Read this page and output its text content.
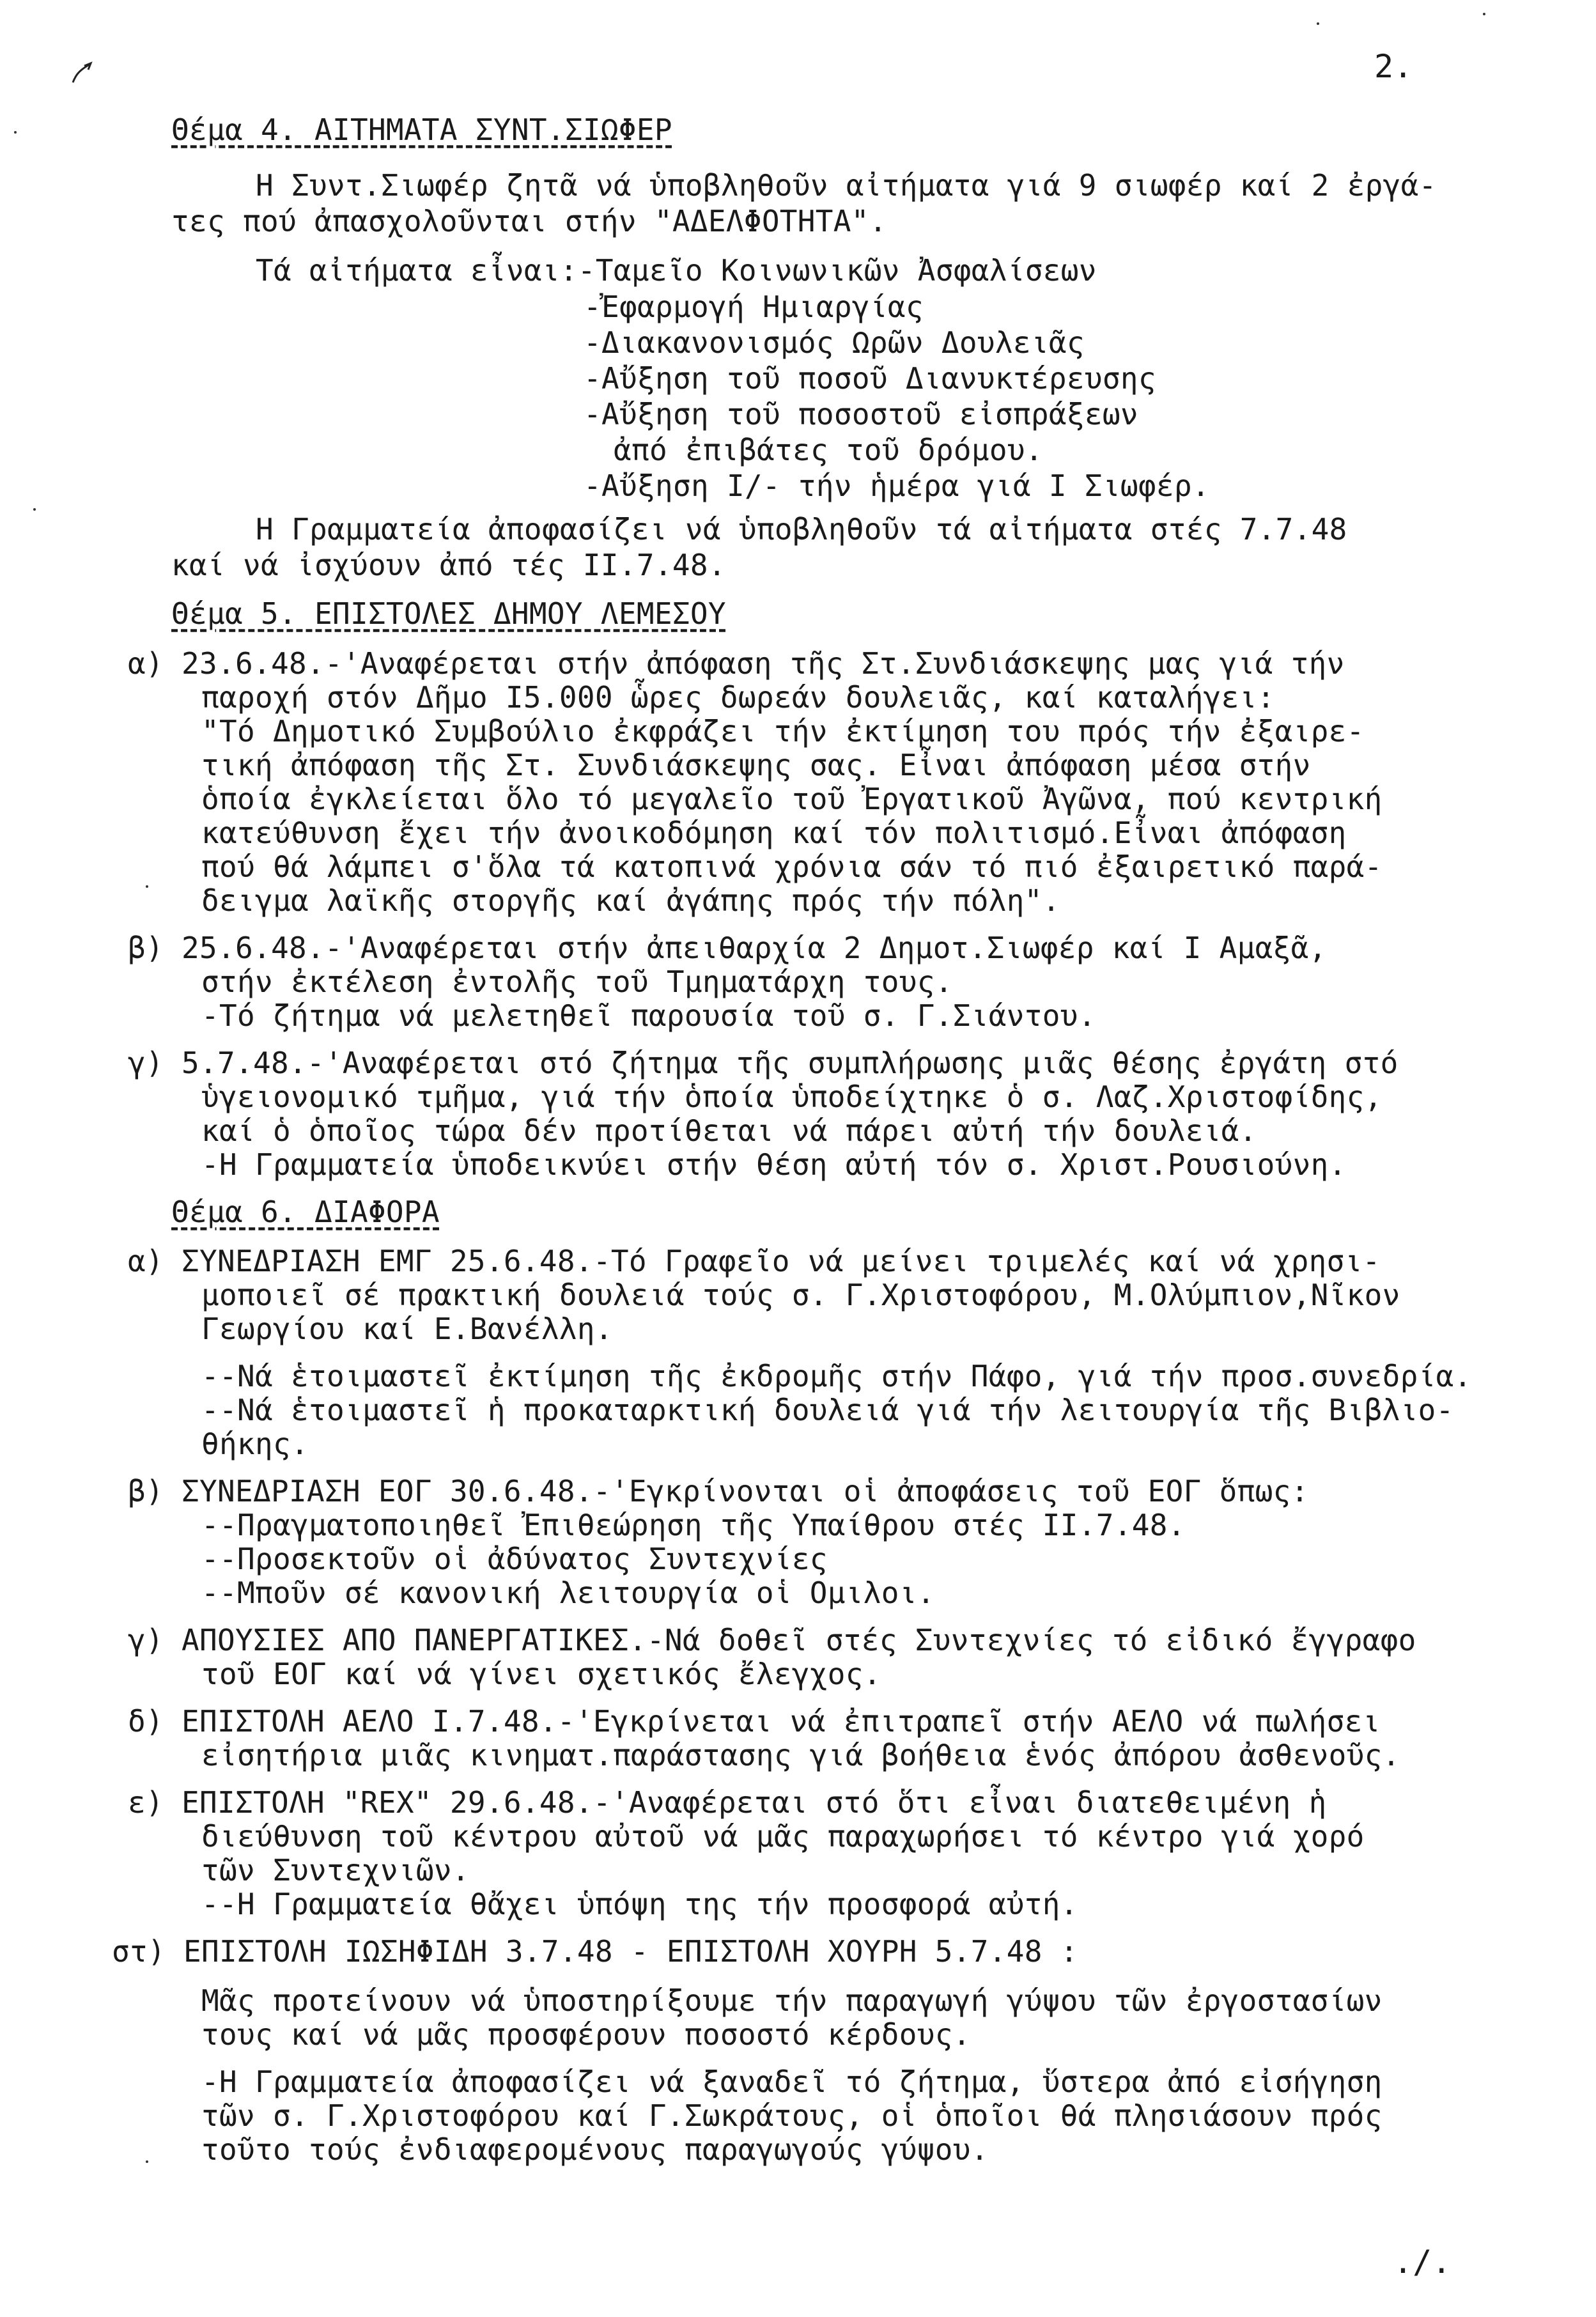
2.
Θέμα 4. ΑΙΤΗΜΑΤΑ ΣΥΝΤ.ΣΙΩΦΕΡ
Η Συντ.Σιωφέρ ζητᾶ νά ὑποβληθοῦν αἰτήματα γιά 9 σιωφέρ καί 2 ἐργά-
τες πού ἀπασχολοῦνται στήν "ΑΔΕΛΦΟΤΗΤΑ".
Τά αἰτήματα εἶναι:-Ταμεῖο Κοινωνικῶν Ἀσφαλίσεων
-Ἐφαρμογή Ημιαργίας
-Διακανονισμός Ωρῶν Δουλειᾶς
-Αὔξηση τοῦ ποσοῦ Διανυκτέρευσης
-Αὔξηση τοῦ ποσοστοῦ εἰσπράξεων
ἀπό ἐπιβάτες τοῦ δρόμου.
-Αὔξηση Ι/- τήν ἡμέρα γιά Ι Σιωφέρ.
Η Γραμματεία ἀποφασίζει νά ὑποβληθοῦν τά αἰτήματα στές 7.7.48
καί νά ἰσχύουν ἀπό τές ΙΙ.7.48.
Θέμα 5. ΕΠΙΣΤΟΛΕΣ ΔΗΜΟΥ ΛΕΜΕΣΟΥ
α) 23.6.48.-'Αναφέρεται στήν ἀπόφαση τῆς Στ.Συνδιάσκεψης μας γιά τήν
παροχή στόν Δῆμο Ι5.000 ὧρες δωρεάν δουλειᾶς, καί καταλήγει:
"Τό Δημοτικό Συμβούλιο ἐκφράζει τήν ἐκτίμηση του πρός τήν ἐξαιρε-
τική ἀπόφαση τῆς Στ. Συνδιάσκεψης σας. Εἶναι ἀπόφαση μέσα στήν
ὁποία ἐγκλείεται ὅλο τό μεγαλεῖο τοῦ Ἐργατικοῦ Ἀγῶνα, πού κεντρική
κατεύθυνση ἔχει τήν ἀνοικοδόμηση καί τόν πολιτισμό.Εἶναι ἀπόφαση
πού θά λάμπει σ'ὅλα τά κατοπινά χρόνια σάν τό πιό ἐξαιρετικό παρά-
δειγμα λαϊκῆς στοργῆς καί ἀγάπης πρός τήν πόλη".
β) 25.6.48.-'Αναφέρεται στήν ἀπειθαρχία 2 Δημοτ.Σιωφέρ καί Ι Αμαξᾶ,
στήν ἐκτέλεση ἐντολῆς τοῦ Τμηματάρχη τους.
-Τό ζήτημα νά μελετηθεῖ παρουσία τοῦ σ. Γ.Σιάντου.
γ) 5.7.48.-'Αναφέρεται στό ζήτημα τῆς συμπλήρωσης μιᾶς θέσης ἐργάτη στό
ὑγειονομικό τμῆμα, γιά τήν ὁποία ὑποδείχτηκε ὁ σ. Λαζ.Χριστοφίδης,
καί ὁ ὁποῖος τώρα δέν προτίθεται νά πάρει αὐτή τήν δουλειά.
-Η Γραμματεία ὑποδεικνύει στήν θέση αὐτή τόν σ. Χριστ.Ρουσιούνη.
Θέμα 6. ΔΙΑΦΟΡΑ
α) ΣΥΝΕΔΡΙΑΣΗ ΕΜΓ 25.6.48.-Τό Γραφεῖο νά μείνει τριμελές καί νά χρησι-
μοποιεῖ σέ πρακτική δουλειά τούς σ. Γ.Χριστοφόρου, Μ.Ολύμπιον,Νῖκον
Γεωργίου καί Ε.Βανέλλη.
--Νά ἑτοιμαστεῖ ἐκτίμηση τῆς ἐκδρομῆς στήν Πάφο, γιά τήν προσ.συνεδρία.
--Νά ἑτοιμαστεῖ ἡ προκαταρκτική δουλειά γιά τήν λειτουργία τῆς Βιβλιο-
θήκης.
β) ΣΥΝΕΔΡΙΑΣΗ ΕΟΓ 30.6.48.-'Εγκρίνονται οἱ ἀποφάσεις τοῦ ΕΟΓ ὅπως:
--Πραγματοποιηθεῖ Ἐπιθεώρηση τῆς Υπαίθρου στές ΙΙ.7.48.
--Προσεκτοῦν οἱ ἀδύνατος Συντεχνίες
--Μποῦν σέ κανονική λειτουργία οἱ Ομιλοι.
γ) ΑΠΟΥΣΙΕΣ ΑΠΟ ΠΑΝΕΡΓΑΤΙΚΕΣ.-Νά δοθεῖ στές Συντεχνίες τό εἰδικό ἔγγραφο
τοῦ ΕΟΓ καί νά γίνει σχετικός ἔλεγχος.
δ) ΕΠΙΣΤΟΛΗ ΑΕΛΟ Ι.7.48.-'Εγκρίνεται νά ἐπιτραπεῖ στήν ΑΕΛΟ νά πωλήσει
εἰσητήρια μιᾶς κινηματ.παράστασης γιά βοήθεια ἑνός ἀπόρου ἀσθενοῦς.
ε) ΕΠΙΣΤΟΛΗ "REX" 29.6.48.-'Αναφέρεται στό ὅτι εἶναι διατεθειμένη ἡ
διεύθυνση τοῦ κέντρου αὐτοῦ νά μᾶς παραχωρήσει τό κέντρο γιά χορό
τῶν Συντεχνιῶν.
--Η Γραμματεία θἄχει ὑπόψη της τήν προσφορά αὐτή.
στ) ΕΠΙΣΤΟΛΗ ΙΩΣΗΦΙΔΗ 3.7.48 - ΕΠΙΣΤΟΛΗ ΧΟΥΡΗ 5.7.48 :
Μᾶς προτείνουν νά ὑποστηρίξουμε τήν παραγωγή γύψου τῶν ἐργοστασίων
τους καί νά μᾶς προσφέρουν ποσοστό κέρδους.
-Η Γραμματεία ἀποφασίζει νά ξαναδεῖ τό ζήτημα, ὕστερα ἀπό εἰσήγηση
τῶν σ. Γ.Χριστοφόρου καί Γ.Σωκράτους, οἱ ὁποῖοι θά πλησιάσουν πρός
τοῦτο τούς ἐνδιαφερομένους παραγωγούς γύψου.
./.
